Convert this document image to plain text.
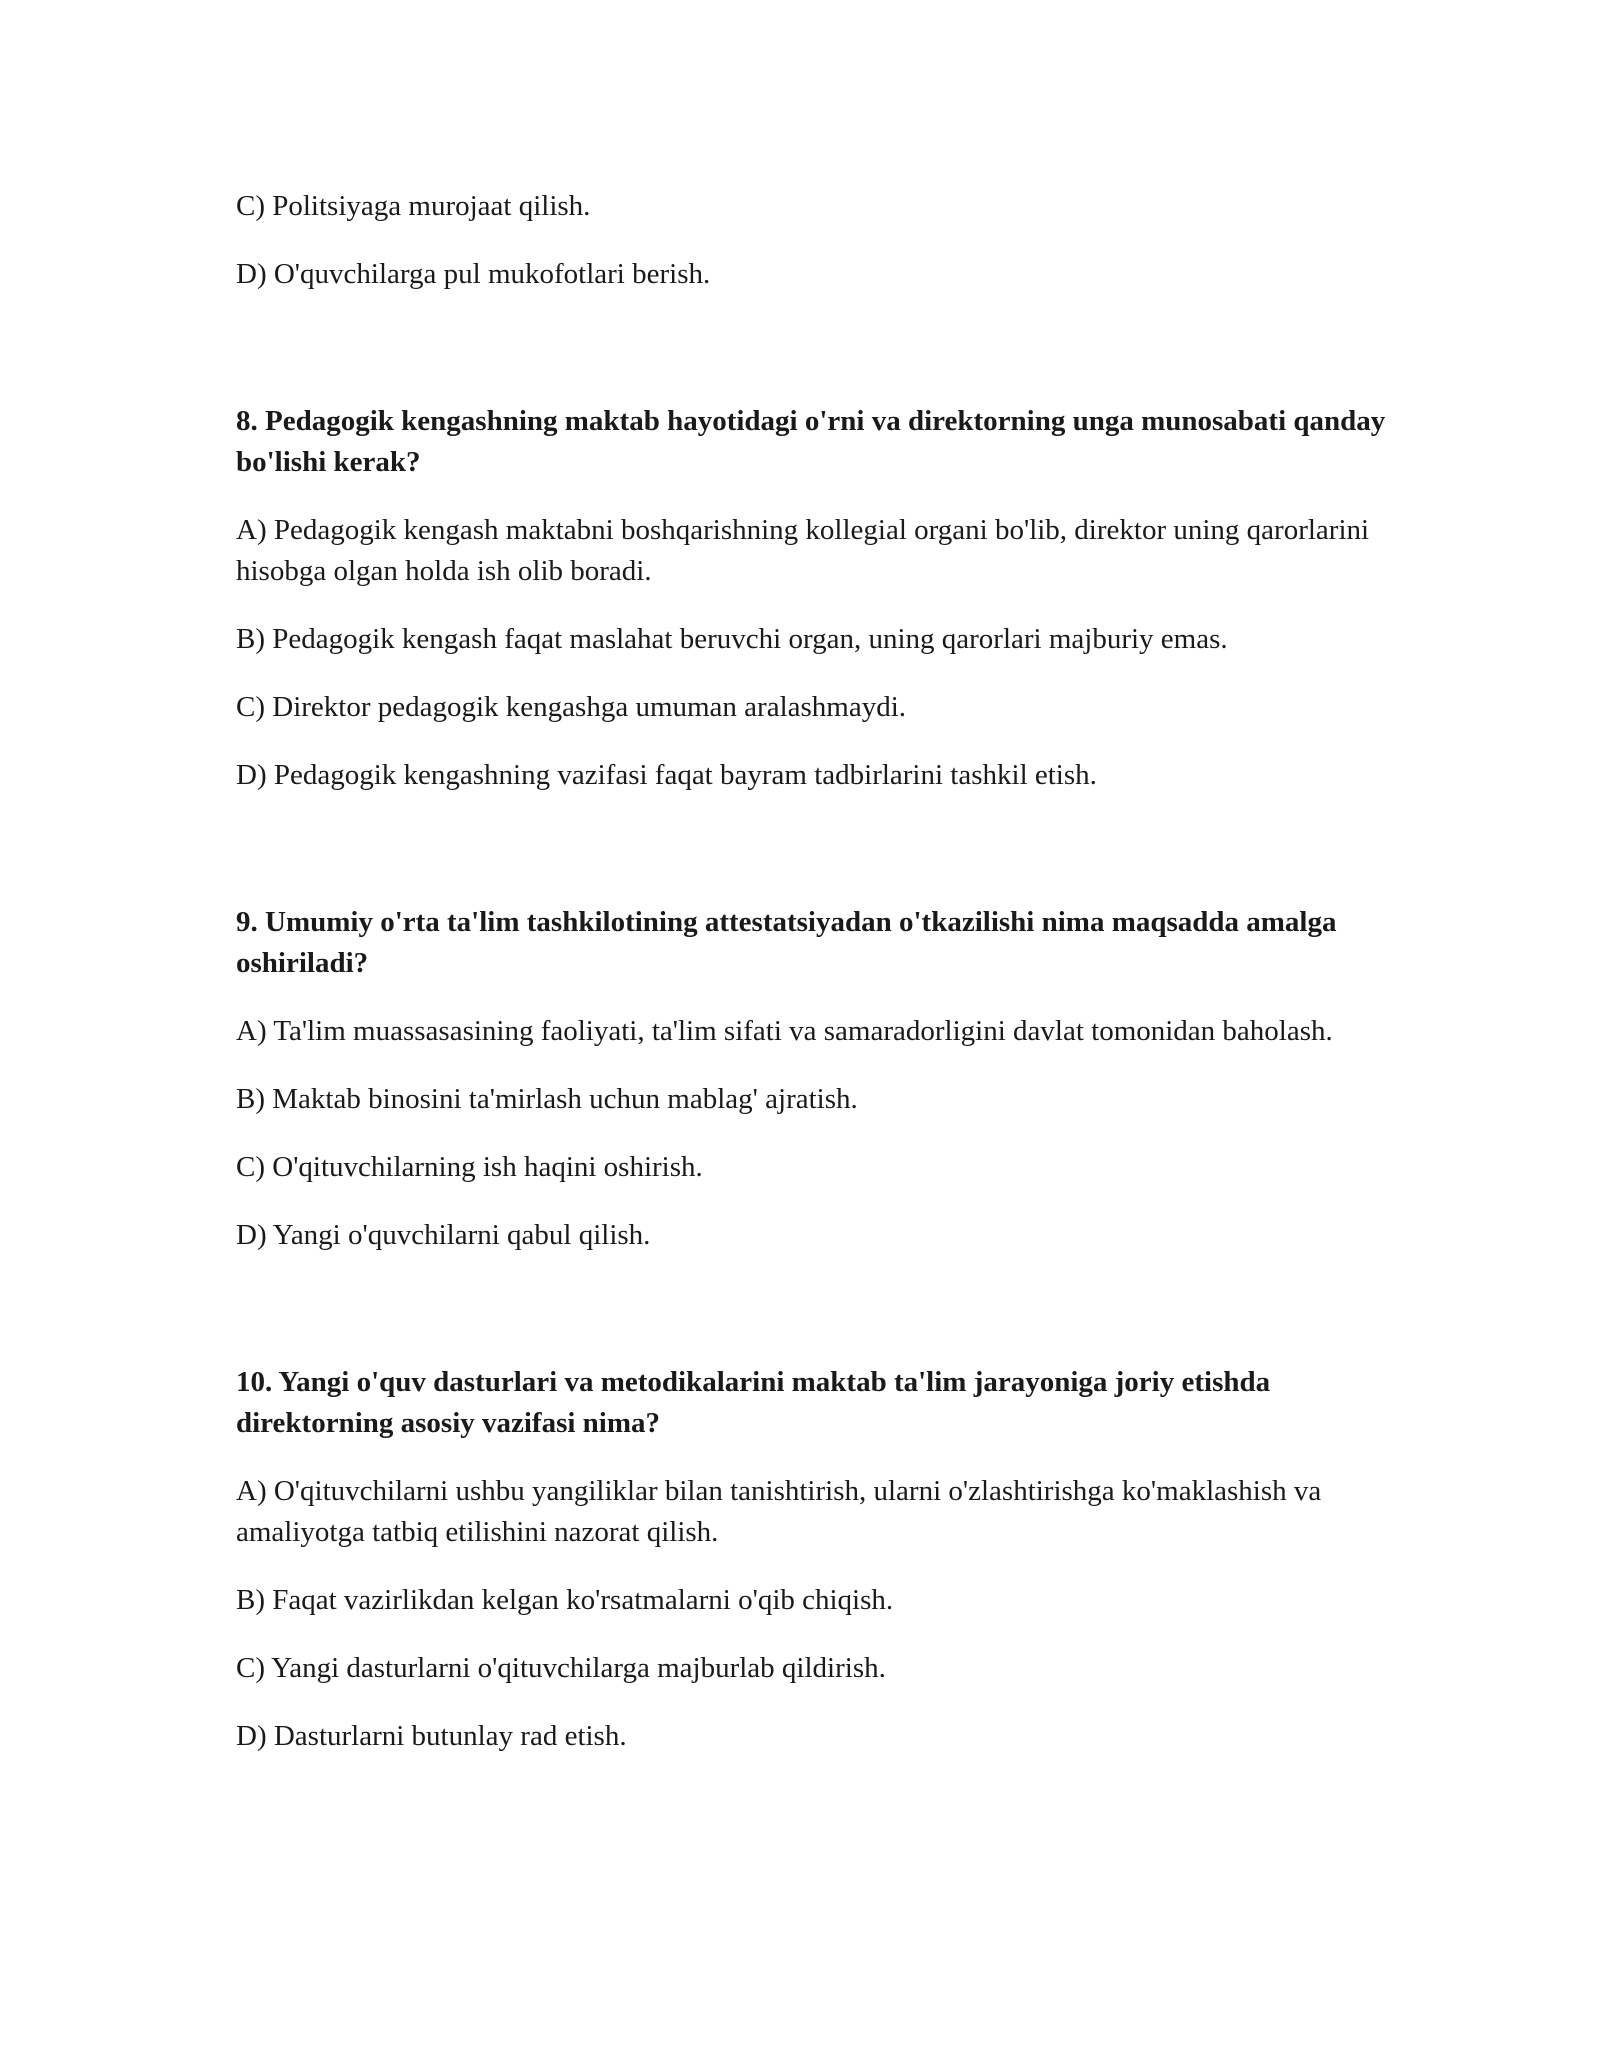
C) Politsiyaga murojaat qilish.

D) O'quvchilarga pul mukofotlari berish.

8. Pedagogik kengashning maktab hayotidagi o'rni va direktorning unga munosabati qanday bo'lishi kerak?

A) Pedagogik kengash maktabni boshqarishning kollegial organi bo'lib, direktor uning qarorlarini hisobga olgan holda ish olib boradi.

B) Pedagogik kengash faqat maslahat beruvchi organ, uning qarorlari majburiy emas.

C) Direktor pedagogik kengashga umuman aralashmaydi.

D) Pedagogik kengashning vazifasi faqat bayram tadbirlarini tashkil etish.

9. Umumiy o'rta ta'lim tashkilotining attestatsiyadan o'tkazilishi nima maqsadda amalga oshiriladi?

A) Ta'lim muassasasining faoliyati, ta'lim sifati va samaradorligini davlat tomonidan baholash.

B) Maktab binosini ta'mirlash uchun mablag' ajratish.

C) O'qituvchilarning ish haqini oshirish.

D) Yangi o'quvchilarni qabul qilish.

10. Yangi o'quv dasturlari va metodikalarini maktab ta'lim jarayoniga joriy etishda direktorning asosiy vazifasi nima?

A) O'qituvchilarni ushbu yangiliklar bilan tanishtirish, ularni o'zlashtirishga ko'maklashish va amaliyotga tatbiq etilishini nazorat qilish.

B) Faqat vazirlikdan kelgan ko'rsatmalarni o'qib chiqish.

C) Yangi dasturlarni o'qituvchilarga majburlab qildirish.

D) Dasturlarni butunlay rad etish.
